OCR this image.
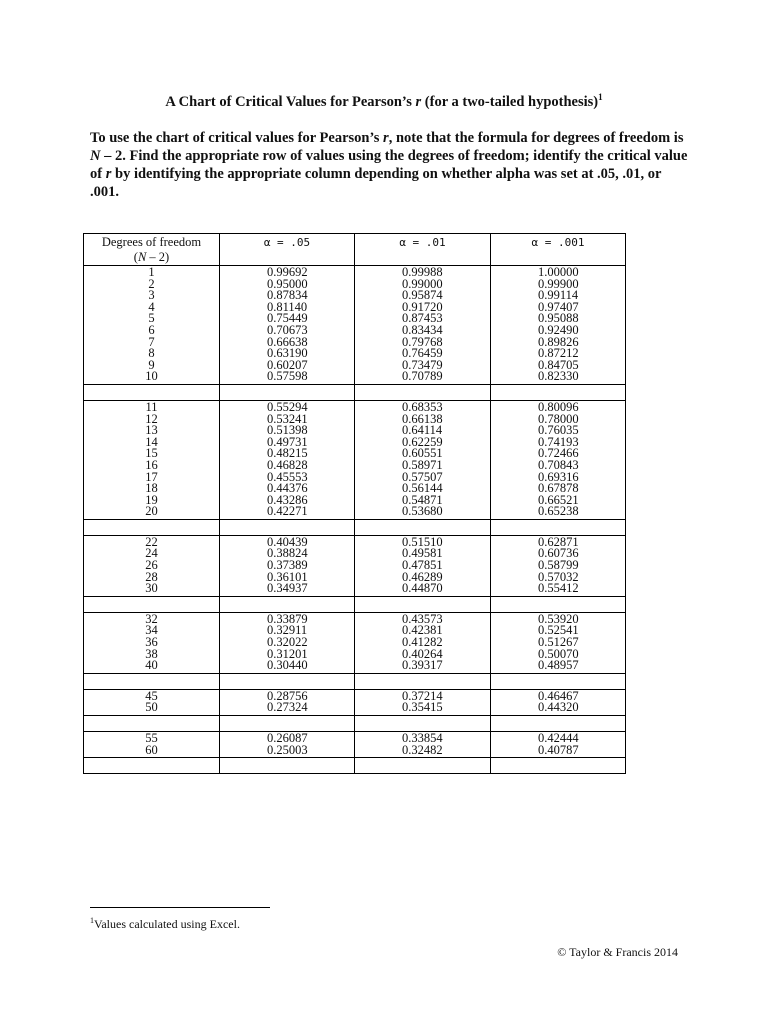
A Chart of Critical Values for Pearson’s r (for a two-tailed hypothesis)$^1$
To use the chart of critical values for Pearson’s r, note that the formula for degrees of freedom is N – 2. Find the appropriate row of values using the degrees of freedom; identify the critical value of r by identifying the appropriate column depending on whether alpha was set at .05, .01, or .001.
Degrees of freedom
(N – 2)	α = .05	α = .01	α = .001
1	0.99692	0.99988	1.00000
2	0.95000	0.99000	0.99900
3	0.87834	0.95874	0.99114
4	0.81140	0.91720	0.97407
5	0.75449	0.87453	0.95088
6	0.70673	0.83434	0.92490
7	0.66638	0.79768	0.89826
8	0.63190	0.76459	0.87212
9	0.60207	0.73479	0.84705
10	0.57598	0.70789	0.82330

11	0.55294	0.68353	0.80096
12	0.53241	0.66138	0.78000
13	0.51398	0.64114	0.76035
14	0.49731	0.62259	0.74193
15	0.48215	0.60551	0.72466
16	0.46828	0.58971	0.70843
17	0.45553	0.57507	0.69316
18	0.44376	0.56144	0.67878
19	0.43286	0.54871	0.66521
20	0.42271	0.53680	0.65238

22	0.40439	0.51510	0.62871
24	0.38824	0.49581	0.60736
26	0.37389	0.47851	0.58799
28	0.36101	0.46289	0.57032
30	0.34937	0.44870	0.55412

32	0.33879	0.43573	0.53920
34	0.32911	0.42381	0.52541
36	0.32022	0.41282	0.51267
38	0.31201	0.40264	0.50070
40	0.30440	0.39317	0.48957

45	0.28756	0.37214	0.46467
50	0.27324	0.35415	0.44320

55	0.26087	0.33854	0.42444
60	0.25003	0.32482	0.40787

$^1$Values calculated using Excel.
© Taylor & Francis 2014
